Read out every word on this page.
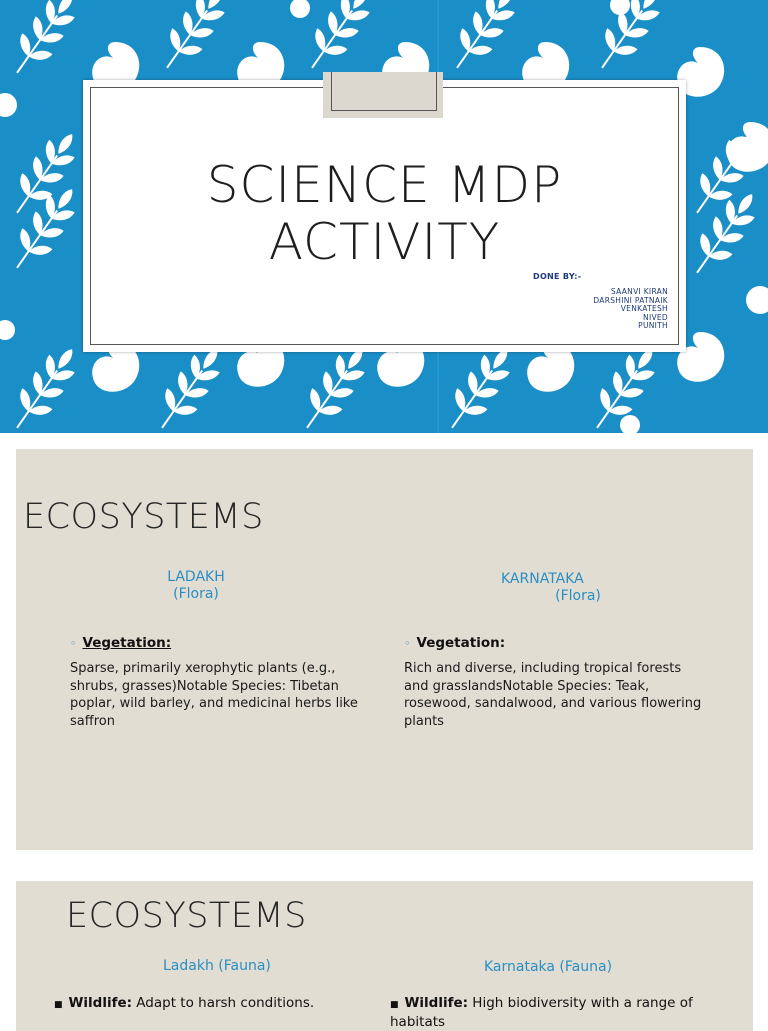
SCIENCE MDP
ACTIVITY
DONE BY:-
SAANVI KIRAN
DARSHINI PATNAIK
VENKATESH
NIVED
PUNITH
ECOSYSTEMS
LADAKH
(Flora)
KARNATAKA
(Flora)
◦ Vegetation:
Sparse, primarily xerophytic plants (e.g., shrubs, grasses)Notable Species: Tibetan poplar, wild barley, and medicinal herbs like saffron
◦ Vegetation:
Rich and diverse, including tropical forests and grasslandsNotable Species: Teak, rosewood, sandalwood, and various flowering plants
ECOSYSTEMS
Ladakh (Fauna)	Karnataka (Fauna)
■ Wildlife: Adapt to harsh conditions.	■ Wildlife: High biodiversity with a range of habitats
